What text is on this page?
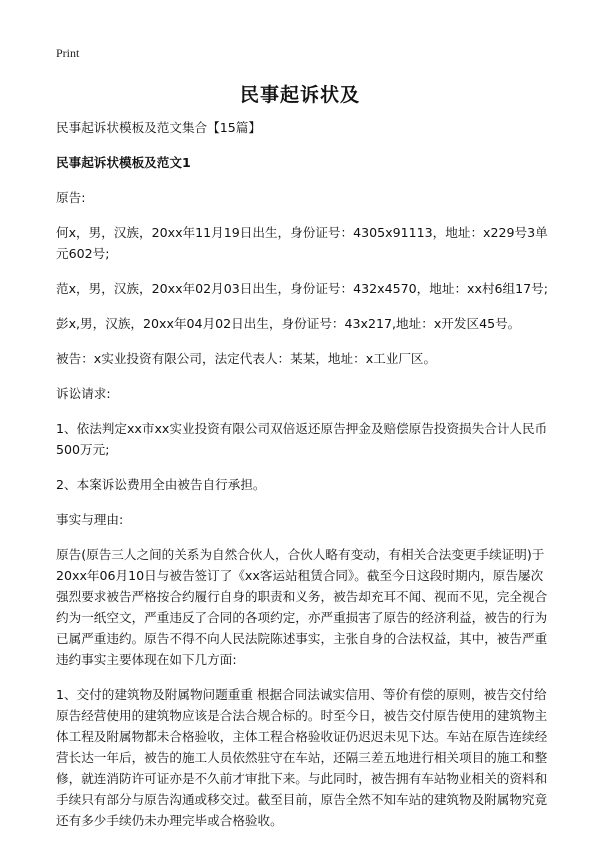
Print
民事起诉状及

民事起诉状模板及范文集合【15篇】

民事起诉状模板及范文1

原告:

何x，男，汉族，20xx年11月19日出生，身份证号：4305x91113，地址：x229号3单元602号;

范x，男，汉族，20xx年02月03日出生，身份证号：432x4570，地址：xx村6组17号;

彭x,男，汉族，20xx年04月02日出生，身份证号：43x217,地址：x开发区45号。

被告：x实业投资有限公司，法定代表人：某某，地址：x工业厂区。

诉讼请求:

1、依法判定xx市xx实业投资有限公司双倍返还原告押金及赔偿原告投资损失合计人民币500万元;

2、本案诉讼费用全由被告自行承担。

事实与理由:

原告(原告三人之间的关系为自然合伙人，合伙人略有变动，有相关合法变更手续证明)于20xx年06月10日与被告签订了《xx客运站租赁合同》。截至今日这段时期内，原告屡次强烈要求被告严格按合约履行自身的职责和义务，被告却充耳不闻、视而不见，完全视合约为一纸空文，严重违反了合同的各项约定，亦严重损害了原告的经济利益，被告的行为已属严重违约。原告不得不向人民法院陈述事实，主张自身的合法权益，其中，被告严重违约事实主要体现在如下几方面:

1、交付的建筑物及附属物问题重重 根据合同法诚实信用、等价有偿的原则，被告交付给原告经营使用的建筑物应该是合法合规合标的。时至今日，被告交付原告使用的建筑物主体工程及附属物都未合格验收，主体工程合格验收证仍迟迟未见下达。车站在原告连续经营长达一年后，被告的施工人员依然驻守在车站，还隔三差五地进行相关项目的施工和整修，就连消防许可证亦是不久前才审批下来。与此同时，被告拥有车站物业相关的资料和手续只有部分与原告沟通或移交过。截至目前，原告全然不知车站的建筑物及附属物究竟还有多少手续仍未办理完毕或合格验收。
